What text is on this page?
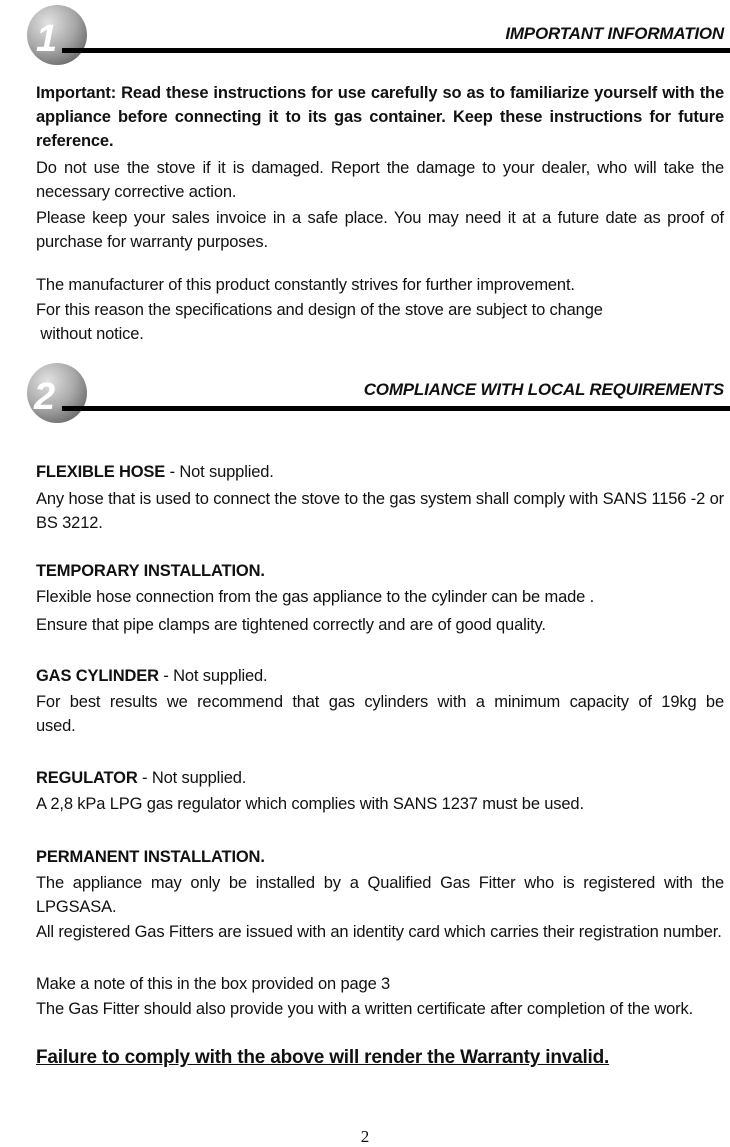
1	IMPORTANT INFORMATION

Important: Read these instructions for use carefully so as to familiarize yourself with the appliance before connecting it to its gas container. Keep these instructions for future reference.

Do not use the stove if it is damaged. Report the damage to your dealer, who will take the necessary corrective action.

Please keep your sales invoice in a safe place. You may need it at a future date as proof of purchase for warranty purposes.

The manufacturer of this product constantly strives for further improvement.

For this reason the specifications and design of the stove are subject to change

without notice.

2	COMPLIANCE WITH LOCAL REQUIREMENTS

FLEXIBLE HOSE - Not supplied.

Any hose that is used to connect the stove to the gas system shall comply with SANS 1156 -2 or BS 3212.

TEMPORARY INSTALLATION.

Flexible hose connection from the gas appliance to the cylinder can be made .

Ensure that pipe clamps are tightened correctly and are of good quality.

GAS CYLINDER - Not supplied.

For best results we recommend that gas cylinders with a minimum capacity of 19kg be used.

REGULATOR - Not supplied.

A 2,8 kPa LPG gas regulator which complies with SANS 1237 must be used.

PERMANENT INSTALLATION.

The appliance may only be installed by a Qualified Gas Fitter who is registered with the LPGSASA.

All registered Gas Fitters are issued with an identity card which carries their registration number.

Make a note of this in the box provided on page 3

The Gas Fitter should also provide you with a written certificate after completion of the work.

Failure to comply with the above will render the Warranty invalid.

2
